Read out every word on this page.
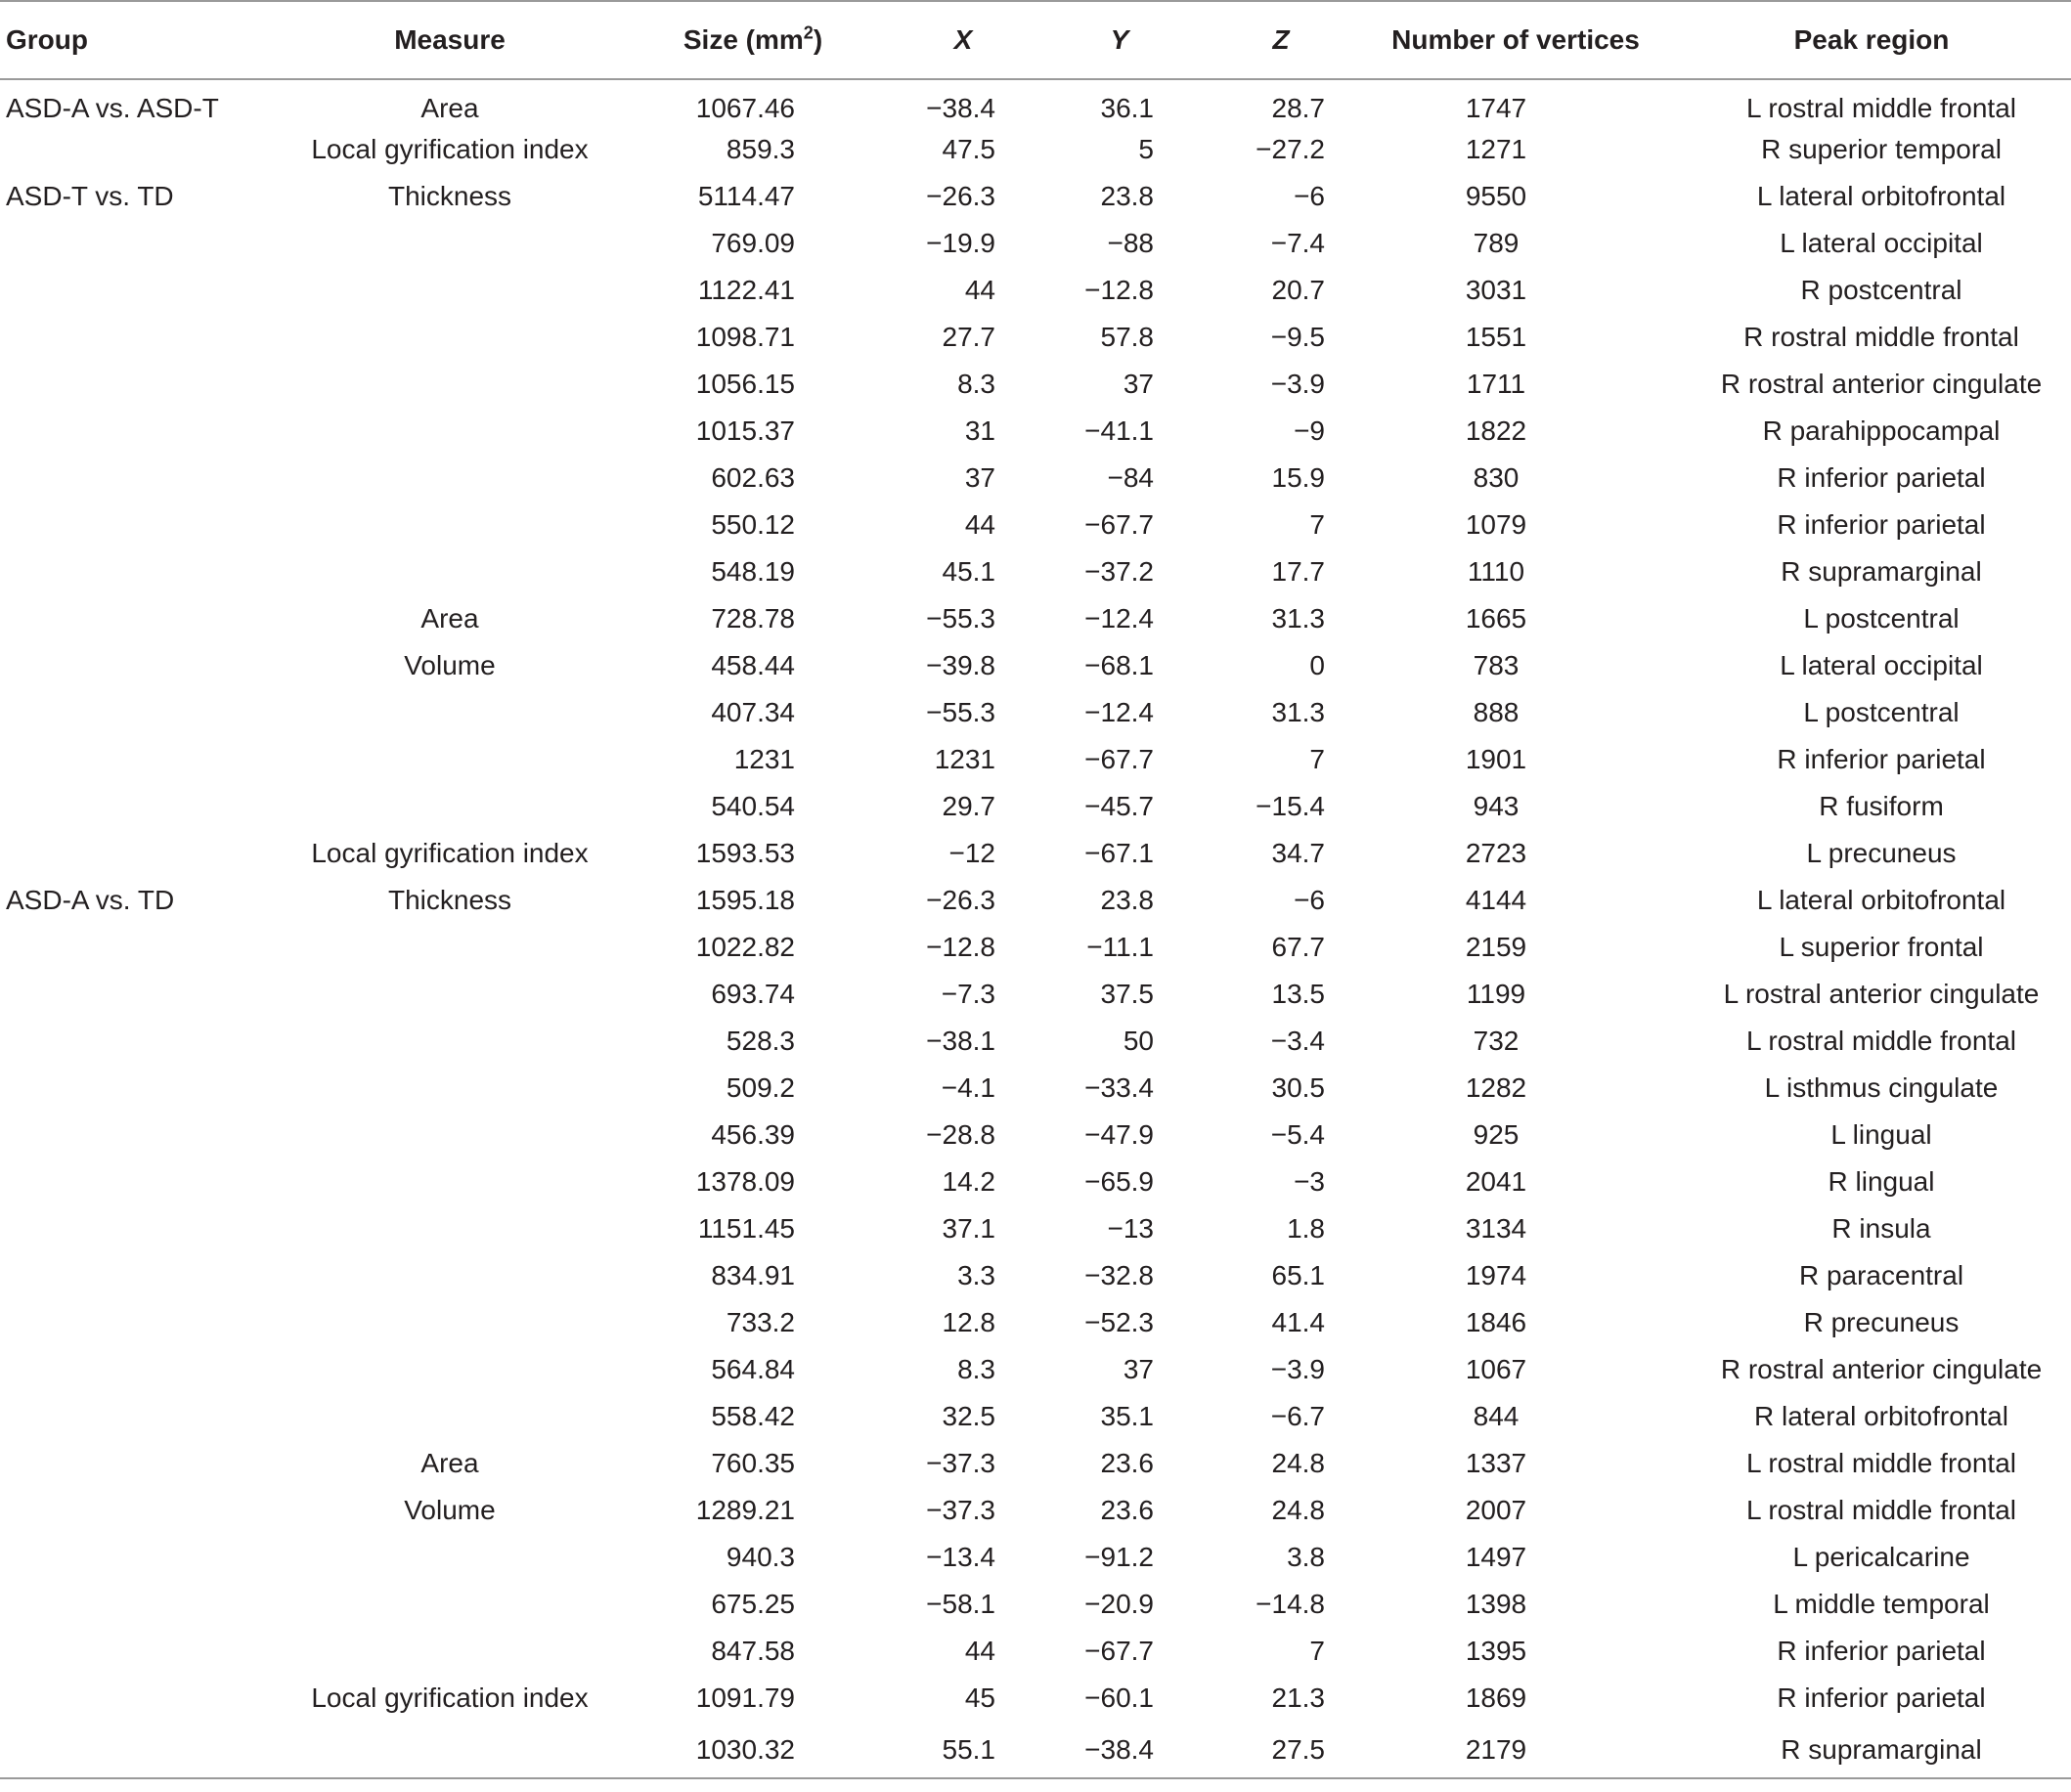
Group	Measure	Size $(mm^2)$	X	Y	Z	Number of vertices	Peak region
ASD-A vs. ASD-T	Area	1067.46	−38.4	36.1	28.7	1747	L rostral middle frontal
	Local gyrification index	859.3	47.5	5	−27.2	1271	R superior temporal
ASD-T vs. TD	Thickness	5114.47	−26.3	23.8	−6	9550	L lateral orbitofrontal
		769.09	−19.9	−88	−7.4	789	L lateral occipital
		1122.41	44	−12.8	20.7	3031	R postcentral
		1098.71	27.7	57.8	−9.5	1551	R rostral middle frontal
		1056.15	8.3	37	−3.9	1711	R rostral anterior cingulate
		1015.37	31	−41.1	−9	1822	R parahippocampal
		602.63	37	−84	15.9	830	R inferior parietal
		550.12	44	−67.7	7	1079	R inferior parietal
		548.19	45.1	−37.2	17.7	1110	R supramarginal
	Area	728.78	−55.3	−12.4	31.3	1665	L postcentral
	Volume	458.44	−39.8	−68.1	0	783	L lateral occipital
		407.34	−55.3	−12.4	31.3	888	L postcentral
		1231	1231	−67.7	7	1901	R inferior parietal
		540.54	29.7	−45.7	−15.4	943	R fusiform
	Local gyrification index	1593.53	−12	−67.1	34.7	2723	L precuneus
ASD-A vs. TD	Thickness	1595.18	−26.3	23.8	−6	4144	L lateral orbitofrontal
		1022.82	−12.8	−11.1	67.7	2159	L superior frontal
		693.74	−7.3	37.5	13.5	1199	L rostral anterior cingulate
		528.3	−38.1	50	−3.4	732	L rostral middle frontal
		509.2	−4.1	−33.4	30.5	1282	L isthmus cingulate
		456.39	−28.8	−47.9	−5.4	925	L lingual
		1378.09	14.2	−65.9	−3	2041	R lingual
		1151.45	37.1	−13	1.8	3134	R insula
		834.91	3.3	−32.8	65.1	1974	R paracentral
		733.2	12.8	−52.3	41.4	1846	R precuneus
		564.84	8.3	37	−3.9	1067	R rostral anterior cingulate
		558.42	32.5	35.1	−6.7	844	R lateral orbitofrontal
	Area	760.35	−37.3	23.6	24.8	1337	L rostral middle frontal
	Volume	1289.21	−37.3	23.6	24.8	2007	L rostral middle frontal
		940.3	−13.4	−91.2	3.8	1497	L pericalcarine
		675.25	−58.1	−20.9	−14.8	1398	L middle temporal
		847.58	44	−67.7	7	1395	R inferior parietal
	Local gyrification index	1091.79	45	−60.1	21.3	1869	R inferior parietal
		1030.32	55.1	−38.4	27.5	2179	R supramarginal
